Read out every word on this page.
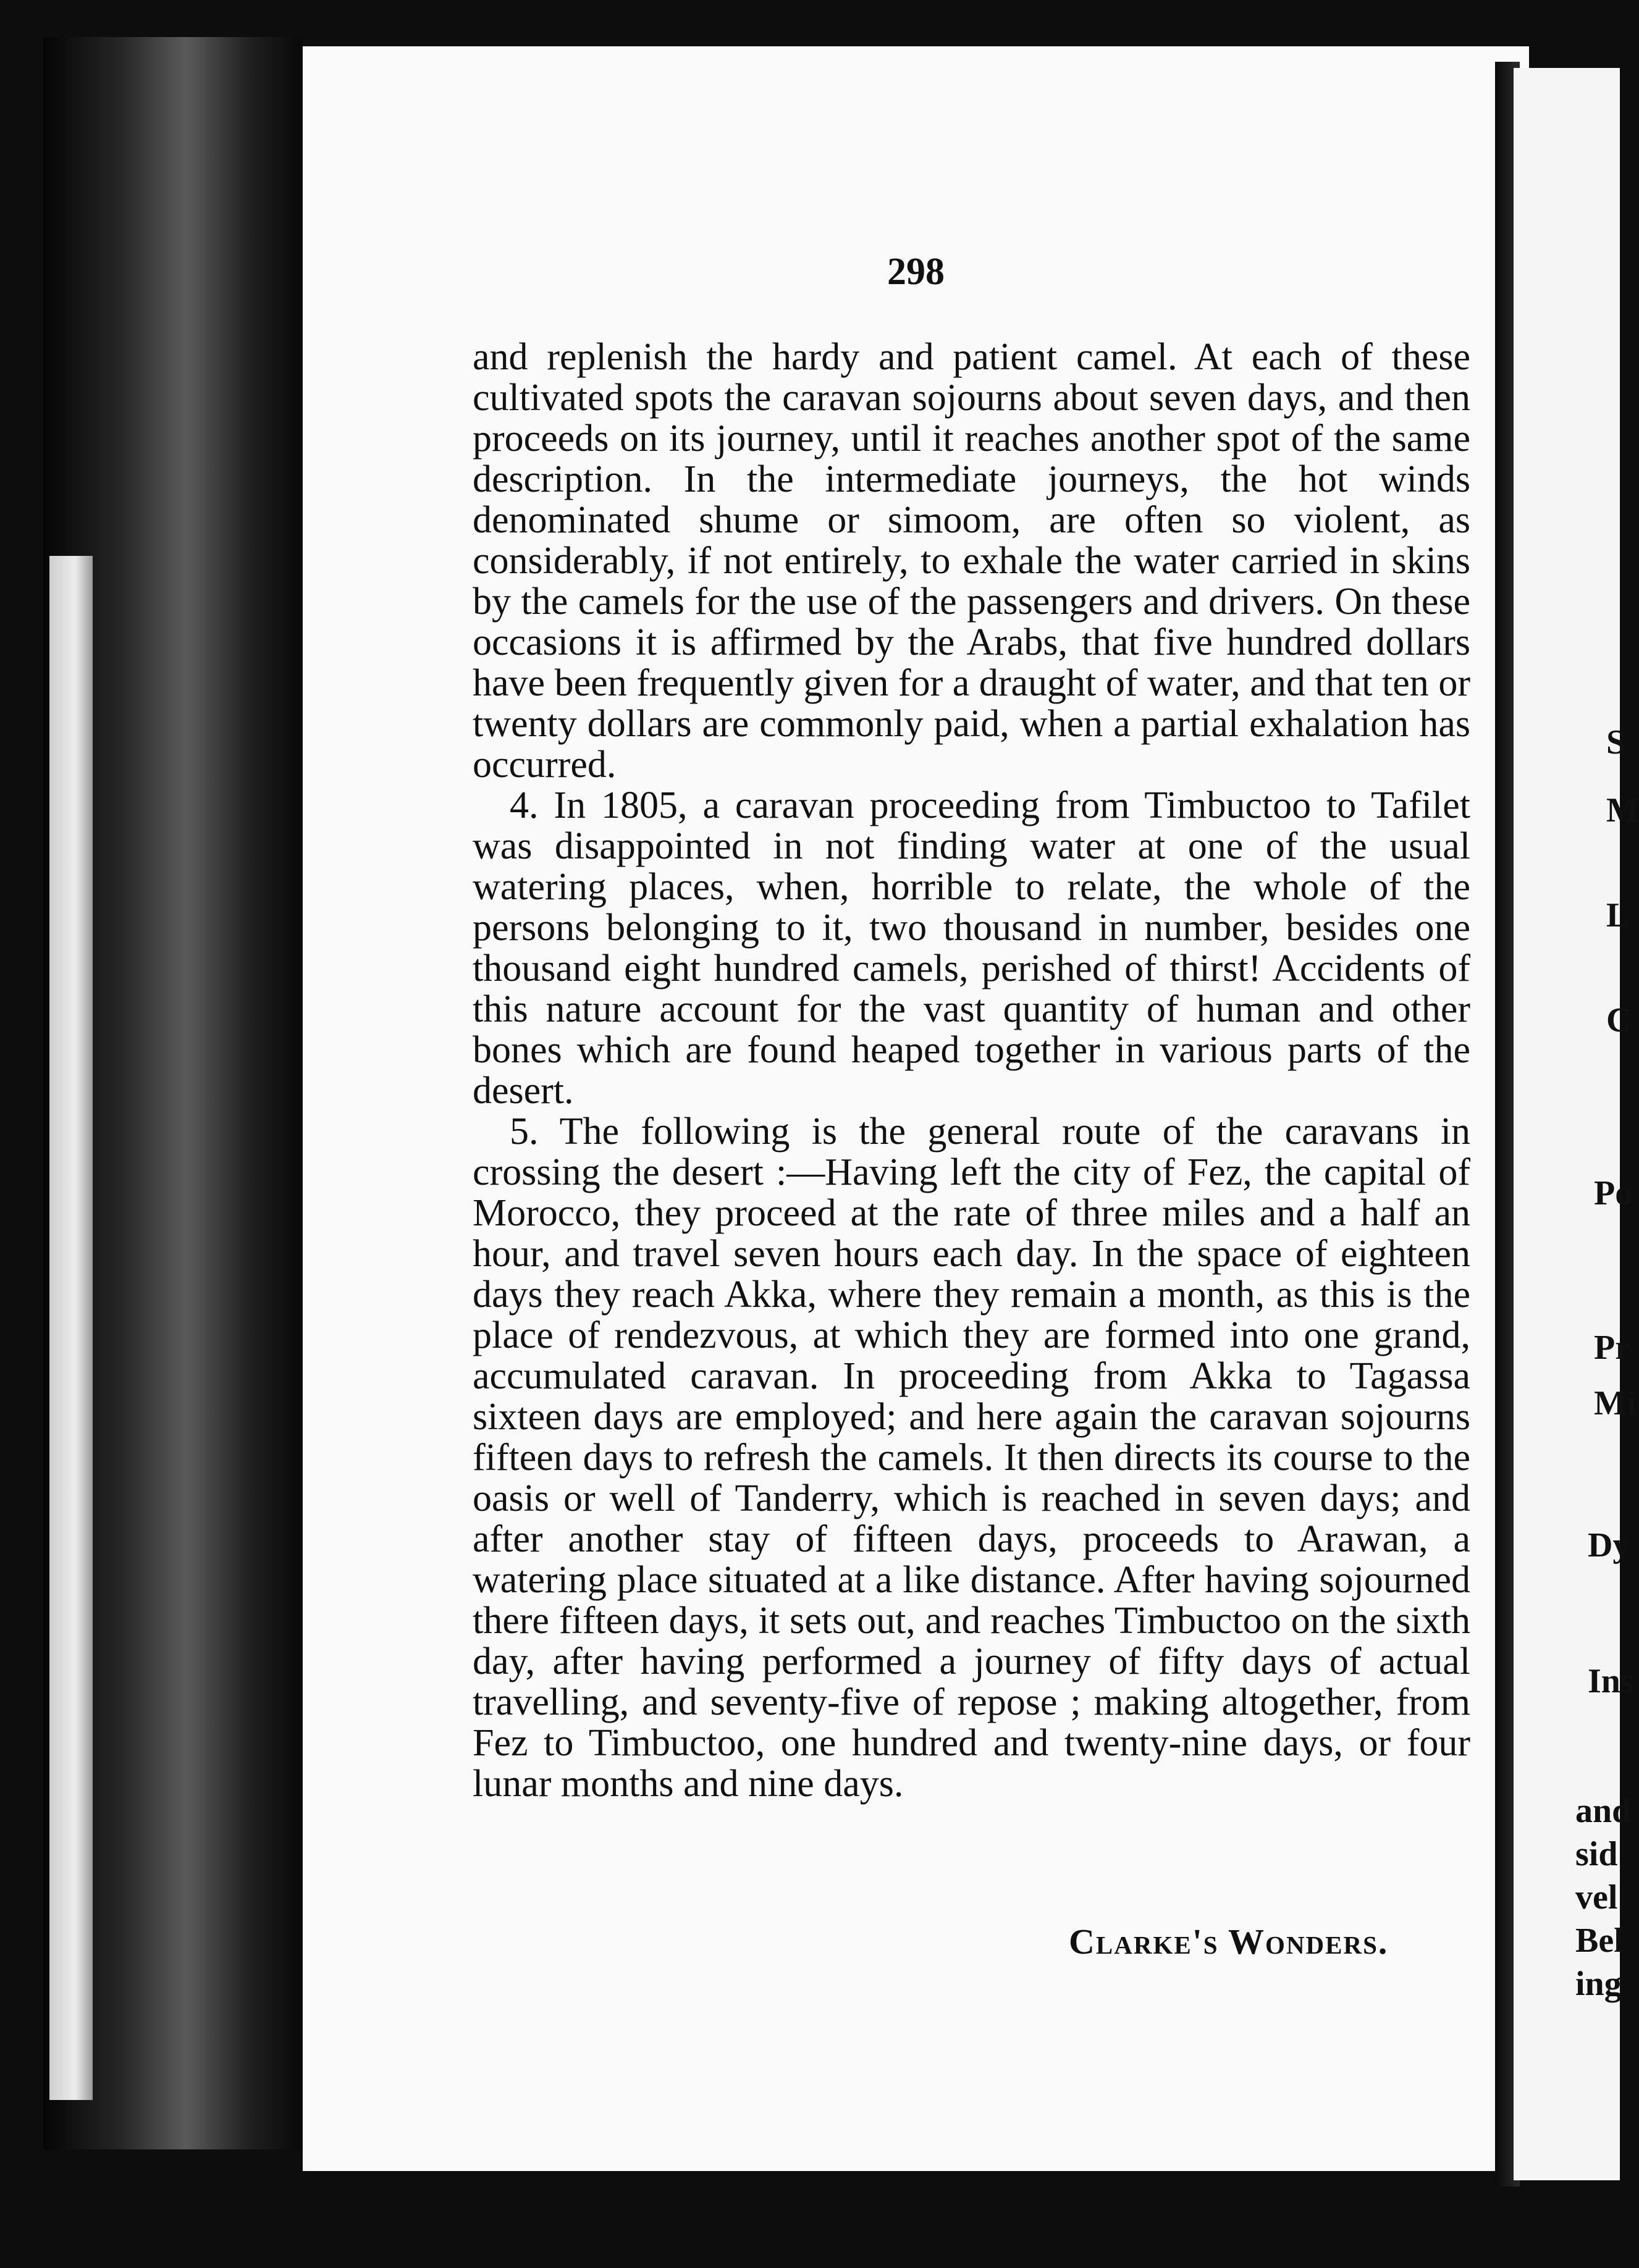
298

and replenish the hardy and patient camel. At each of these cultivated spots the caravan sojourns about seven days, and then proceeds on its journey, until it reaches another spot of the same description. In the intermediate journeys, the hot winds denominated shume or simoom, are often so violent, as considerably, if not entirely, to exhale the water carried in skins by the camels for the use of the passengers and drivers. On these occasions it is affirmed by the Arabs, that five hundred dollars have been frequently given for a draught of water, and that ten or twenty dollars are commonly paid, when a partial exhalation has occurred.

4. In 1805, a caravan proceeding from Timbuctoo to Tafilet was disappointed in not finding water at one of the usual watering places, when, horrible to relate, the whole of the persons belonging to it, two thousand in number, besides one thousand eight hundred camels, perished of thirst! Accidents of this nature account for the vast quantity of human and other bones which are found heaped together in various parts of the desert.

5. The following is the general route of the caravans in crossing the desert :—Having left the city of Fez, the capital of Morocco, they proceed at the rate of three miles and a half an hour, and travel seven hours each day. In the space of eighteen days they reach Akka, where they remain a month, as this is the place of rendezvous, at which they are formed into one grand, accumulated caravan. In proceeding from Akka to Tagassa sixteen days are employed; and here again the caravan sojourns fifteen days to refresh the camels. It then directs its course to the oasis or well of Tanderry, which is reached in seven days; and after another stay of fifteen days, proceeds to Arawan, a watering place situated at a like distance. After having sojourned there fifteen days, it sets out, and reaches Timbuctoo on the sixth day, after having performed a journey of fifty days of actual travelling, and seventy-five of repose ; making altogether, from Fez to Timbuctoo, one hundred and twenty-nine days, or four lunar months and nine days.

Clarke's Wonders.
S
M
L
C
Po
Pr
Mi
Dy
Ins
and
sid
vel
Bel
ing
